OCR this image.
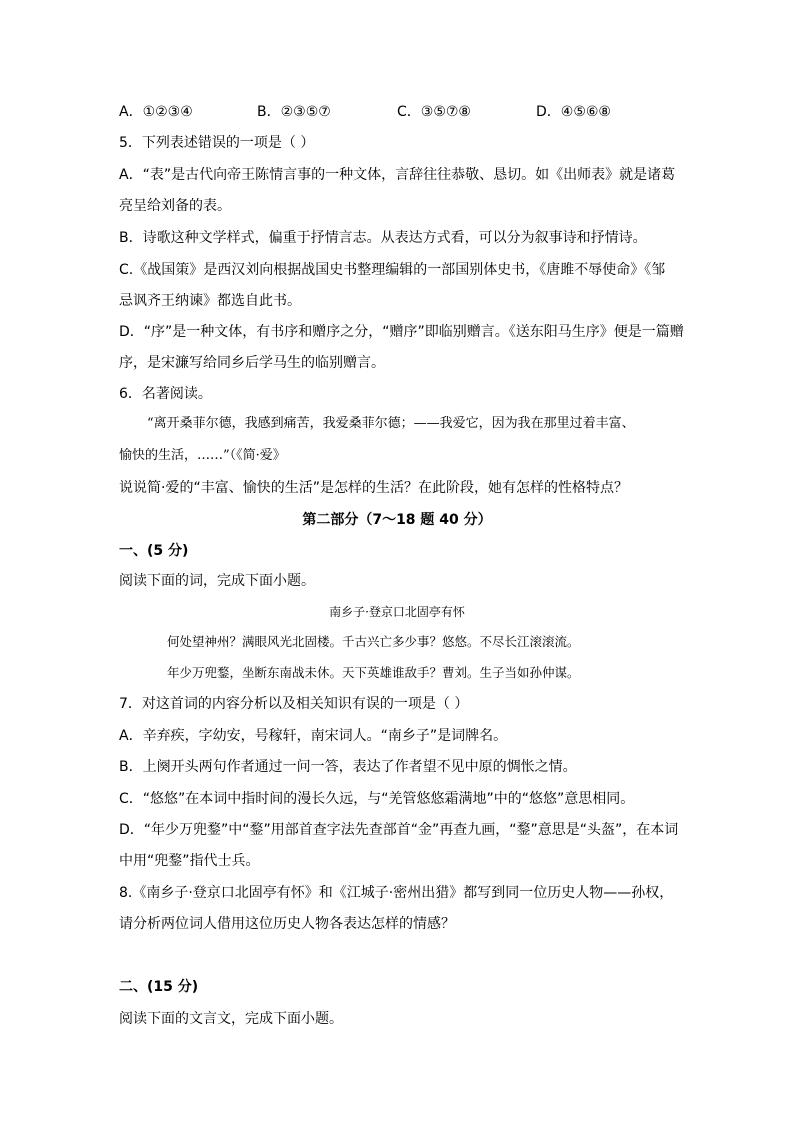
A．①②③④	B．②③⑤⑦	C．③⑤⑦⑧	D．④⑤⑥⑧
5．下列表述错误的一项是（ ）
A．“表”是古代向帝王陈情言事的一种文体，言辞往往恭敬、恳切。如《出师表》就是诸葛
亮呈给刘备的表。
B．诗歌这种文学样式，偏重于抒情言志。从表达方式看，可以分为叙事诗和抒情诗。
C.《战国策》是西汉刘向根据战国史书整理编辑的一部国别体史书，《唐雎不辱使命》《邹
忌讽齐王纳谏》都选自此书。
D．“序”是一种文体，有书序和赠序之分，“赠序”即临别赠言。《送东阳马生序》便是一篇赠
序，是宋濂写给同乡后学马生的临别赠言。
6．名著阅读。
“离开桑菲尔德，我感到痛苦，我爱桑菲尔德；——我爱它，因为我在那里过着丰富、
愉快的生活，……”（《简·爱》
说说简·爱的“丰富、愉快的生活”是怎样的生活？在此阶段，她有怎样的性格特点？
第二部分（7～18 题 40 分）
一、(5 分)
阅读下面的词，完成下面小题。
南乡子·登京口北固亭有怀
何处望神州？满眼风光北固楼。千古兴亡多少事？悠悠。不尽长江滚滚流。
年少万兜鍪，坐断东南战未休。天下英雄谁敌手？曹刘。生子当如孙仲谋。
7．对这首词的内容分析以及相关知识有误的一项是（ ）
A．辛弃疾，字幼安，号稼轩，南宋词人。“南乡子”是词牌名。
B．上阕开头两句作者通过一问一答，表达了作者望不见中原的惆怅之情。
C．“悠悠”在本词中指时间的漫长久远，与“羌管悠悠霜满地”中的“悠悠”意思相同。
D．“年少万兜鍪”中“鍪”用部首查字法先查部首“金”再查九画，“鍪”意思是“头盔”，在本词
中用“兜鍪”指代士兵。
8.《南乡子·登京口北固亭有怀》和《江城子·密州出猎》都写到同一位历史人物——孙权，
请分析两位词人借用这位历史人物各表达怎样的情感？
二、(15 分)
阅读下面的文言文，完成下面小题。
